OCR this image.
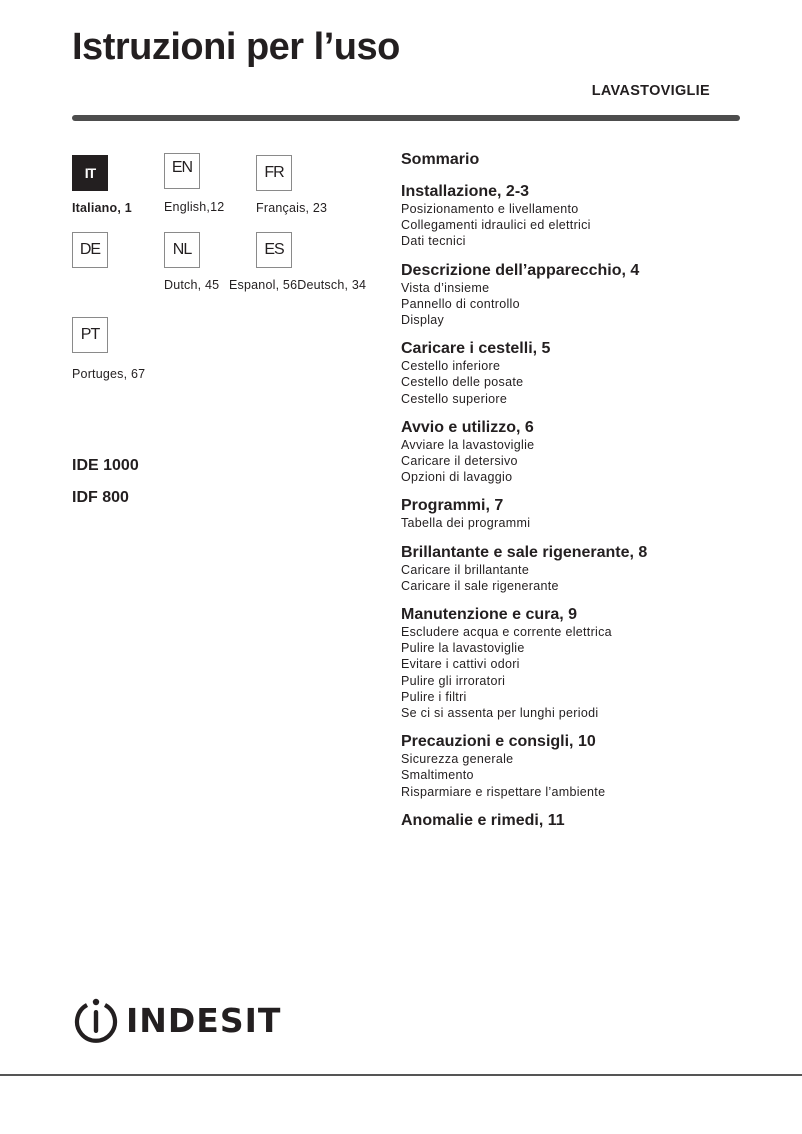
Istruzioni per l’uso
LAVASTOVIGLIE
IT
Italiano, 1
EN
English,12
FR
Français, 23
DE	NL
Dutch, 45
ES
Espanol, 56Deutsch, 34
PT
Portuges, 67
IDE 1000
IDF 800
Sommario
Installazione, 2-3
Posizionamento e livellamento
Collegamenti idraulici ed elettrici
Dati tecnici
Descrizione dell’apparecchio, 4
Vista d’insieme
Pannello di controllo
Display
Caricare i cestelli, 5
Cestello inferiore
Cestello delle posate
Cestello superiore
Avvio e utilizzo, 6
Avviare la lavastoviglie
Caricare il detersivo
Opzioni di lavaggio
Programmi, 7
Tabella dei programmi
Brillantante e sale rigenerante, 8
Caricare il brillantante
Caricare il sale rigenerante
Manutenzione e cura, 9
Escludere acqua e corrente elettrica
Pulire la lavastoviglie
Evitare i cattivi odori
Pulire gli irroratori
Pulire i filtri
Se ci si assenta per lunghi periodi
Precauzioni e consigli, 10
Sicurezza generale
Smaltimento
Risparmiare e rispettare l’ambiente
Anomalie e rimedi, 11
INDESIT
